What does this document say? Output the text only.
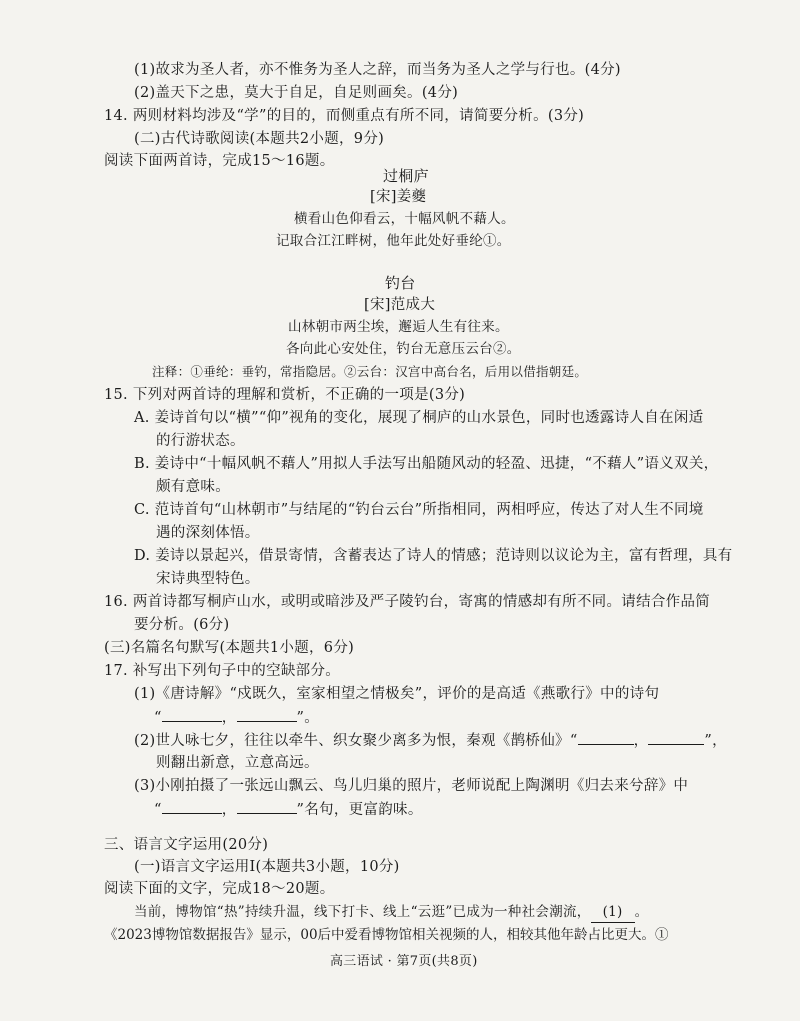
(1)故求为圣人者，亦不惟务为圣人之辞，而当务为圣人之学与行也。(4分)
(2)盖天下之患，莫大于自足，自足则画矣。(4分)
14. 两则材料均涉及“学”的目的，而侧重点有所不同，请简要分析。(3分)
(二)古代诗歌阅读(本题共2小题，9分)
阅读下面两首诗，完成15～16题。
过桐庐
[宋]姜夔
横看山色仰看云，十幅风帆不藉人。
记取合江江畔树，他年此处好垂纶①。
钓台
[宋]范成大
山林朝市两尘埃，邂逅人生有往来。
各向此心安处住，钓台无意压云台②。
注释：①垂纶：垂钓，常指隐居。②云台：汉宫中高台名，后用以借指朝廷。
15. 下列对两首诗的理解和赏析，不正确的一项是(3分)
A. 姜诗首句以“横”“仰”视角的变化，展现了桐庐的山水景色，同时也透露诗人自在闲适
的行游状态。
B. 姜诗中“十幅风帆不藉人”用拟人手法写出船随风动的轻盈、迅捷，“不藉人”语义双关，
颇有意味。
C. 范诗首句“山林朝市”与结尾的“钓台云台”所指相同，两相呼应，传达了对人生不同境
遇的深刻体悟。
D. 姜诗以景起兴，借景寄情，含蓄表达了诗人的情感；范诗则以议论为主，富有哲理，具有
宋诗典型特色。
16. 两首诗都写桐庐山水，或明或暗涉及严子陵钓台，寄寓的情感却有所不同。请结合作品简
要分析。(6分)
(三)名篇名句默写(本题共1小题，6分)
17. 补写出下列句子中的空缺部分。
(1)《唐诗解》“戍既久，室家相望之情极矣”，评价的是高适《燕歌行》中的诗句
“	，	”。
(2)世人咏七夕，往往以牵牛、织女聚少离多为恨，秦观《鹊桥仙》“	，	”，
则翻出新意，立意高远。
(3)小刚拍摄了一张远山飘云、鸟儿归巢的照片，老师说配上陶渊明《归去来兮辞》中
“	，	”名句，更富韵味。
三、语言文字运用(20分)
(一)语言文字运用Ⅰ(本题共3小题，10分)
阅读下面的文字，完成18～20题。
当前，博物馆“热”持续升温，线下打卡、线上“云逛”已成为一种社会潮流， (1) 。
《2023博物馆数据报告》显示，00后中爱看博物馆相关视频的人，相较其他年龄占比更大。①
高三语试 · 第7页(共8页)
